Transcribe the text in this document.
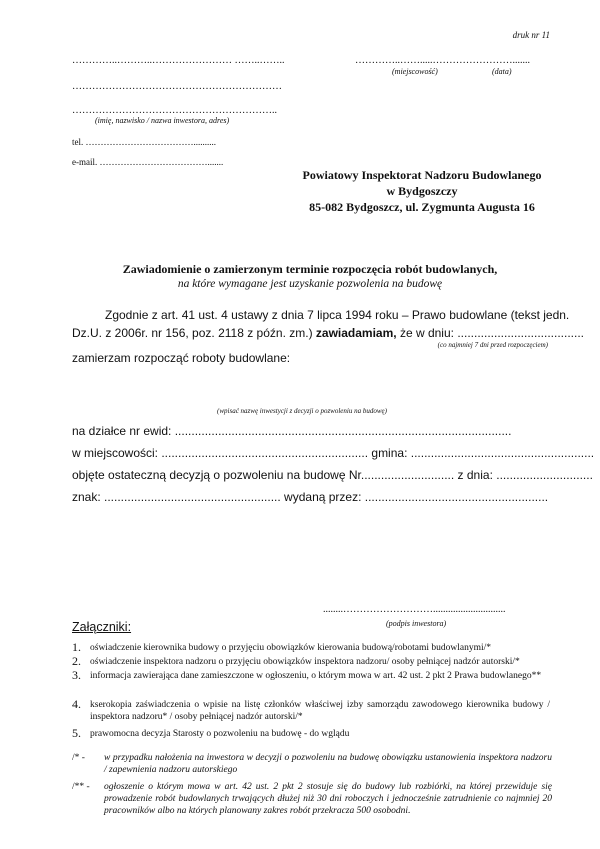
druk nr 11
…………..………..…………………… ……..……..
………………………………………………………
……………………………………………………..
(imię, nazwisko / nazwa inwestora, adres)
…………..…….....…………………….......
(miejscowość)	(data)
tel. ………………………………..........
e-mail. ……………………………….......
Powiatowy Inspektorat Nadzoru Budowlanego
w Bydgoszczy
85-082 Bydgoszcz, ul. Zygmunta Augusta 16
Zawiadomienie o zamierzonym terminie rozpoczęcia robót budowlanych,
na które wymagane jest uzyskanie pozwolenia na budowę
Zgodnie z art. 41 ust. 4 ustawy z dnia 7 lipca 1994 roku – Prawo budowlane (tekst jedn.
Dz.U. z 2006r. nr 156, poz. 2118 z późn. zm.) zawiadamiam, że w dniu: ......................................
(co najmniej 7 dni przed rozpoczęciem)
zamierzam rozpocząć roboty budowlane:
(wpisać nazwę inwestycji z decyzji o pozwoleniu na budowę)
na działce nr ewid: .....................................................................................................
w miejscowości: .............................................................. gmina: .......................................................
objęte ostateczną decyzją o pozwoleniu na budowę Nr............................ z dnia: .............................
znak: ..................................................... wydaną przez: .......................................................
........……………………….............................
(podpis inwestora)
Załączniki:
1. oświadczenie kierownika budowy o przyjęciu obowiązków kierowania budową/robotami budowlanymi/*
2. oświadczenie inspektora nadzoru o przyjęciu obowiązków inspektora nadzoru/ osoby pełniącej nadzór autorski/*
3. informacja zawierająca dane zamieszczone w ogłoszeniu, o którym mowa w art. 42 ust. 2 pkt 2 Prawa budowlanego**
4. kserokopia zaświadczenia o wpisie na listę członków właściwej izby samorządu zawodowego kierownika budowy / inspektora nadzoru* / osoby pełniącej nadzór autorski/*
5. prawomocna decyzja Starosty o pozwoleniu na budowę - do wglądu
/* - w przypadku nałożenia na inwestora w decyzji o pozwoleniu na budowę obowiązku ustanowienia inspektora nadzoru / zapewnienia nadzoru autorskiego
/** - ogłoszenie o którym mowa w art. 42 ust. 2 pkt 2 stosuje się do budowy lub rozbiórki, na której przewiduje się prowadzenie robót budowlanych trwających dłużej niż 30 dni roboczych i jednocześnie zatrudnienie co najmniej 20 pracowników albo na których planowany zakres robót przekracza 500 osobodni.
